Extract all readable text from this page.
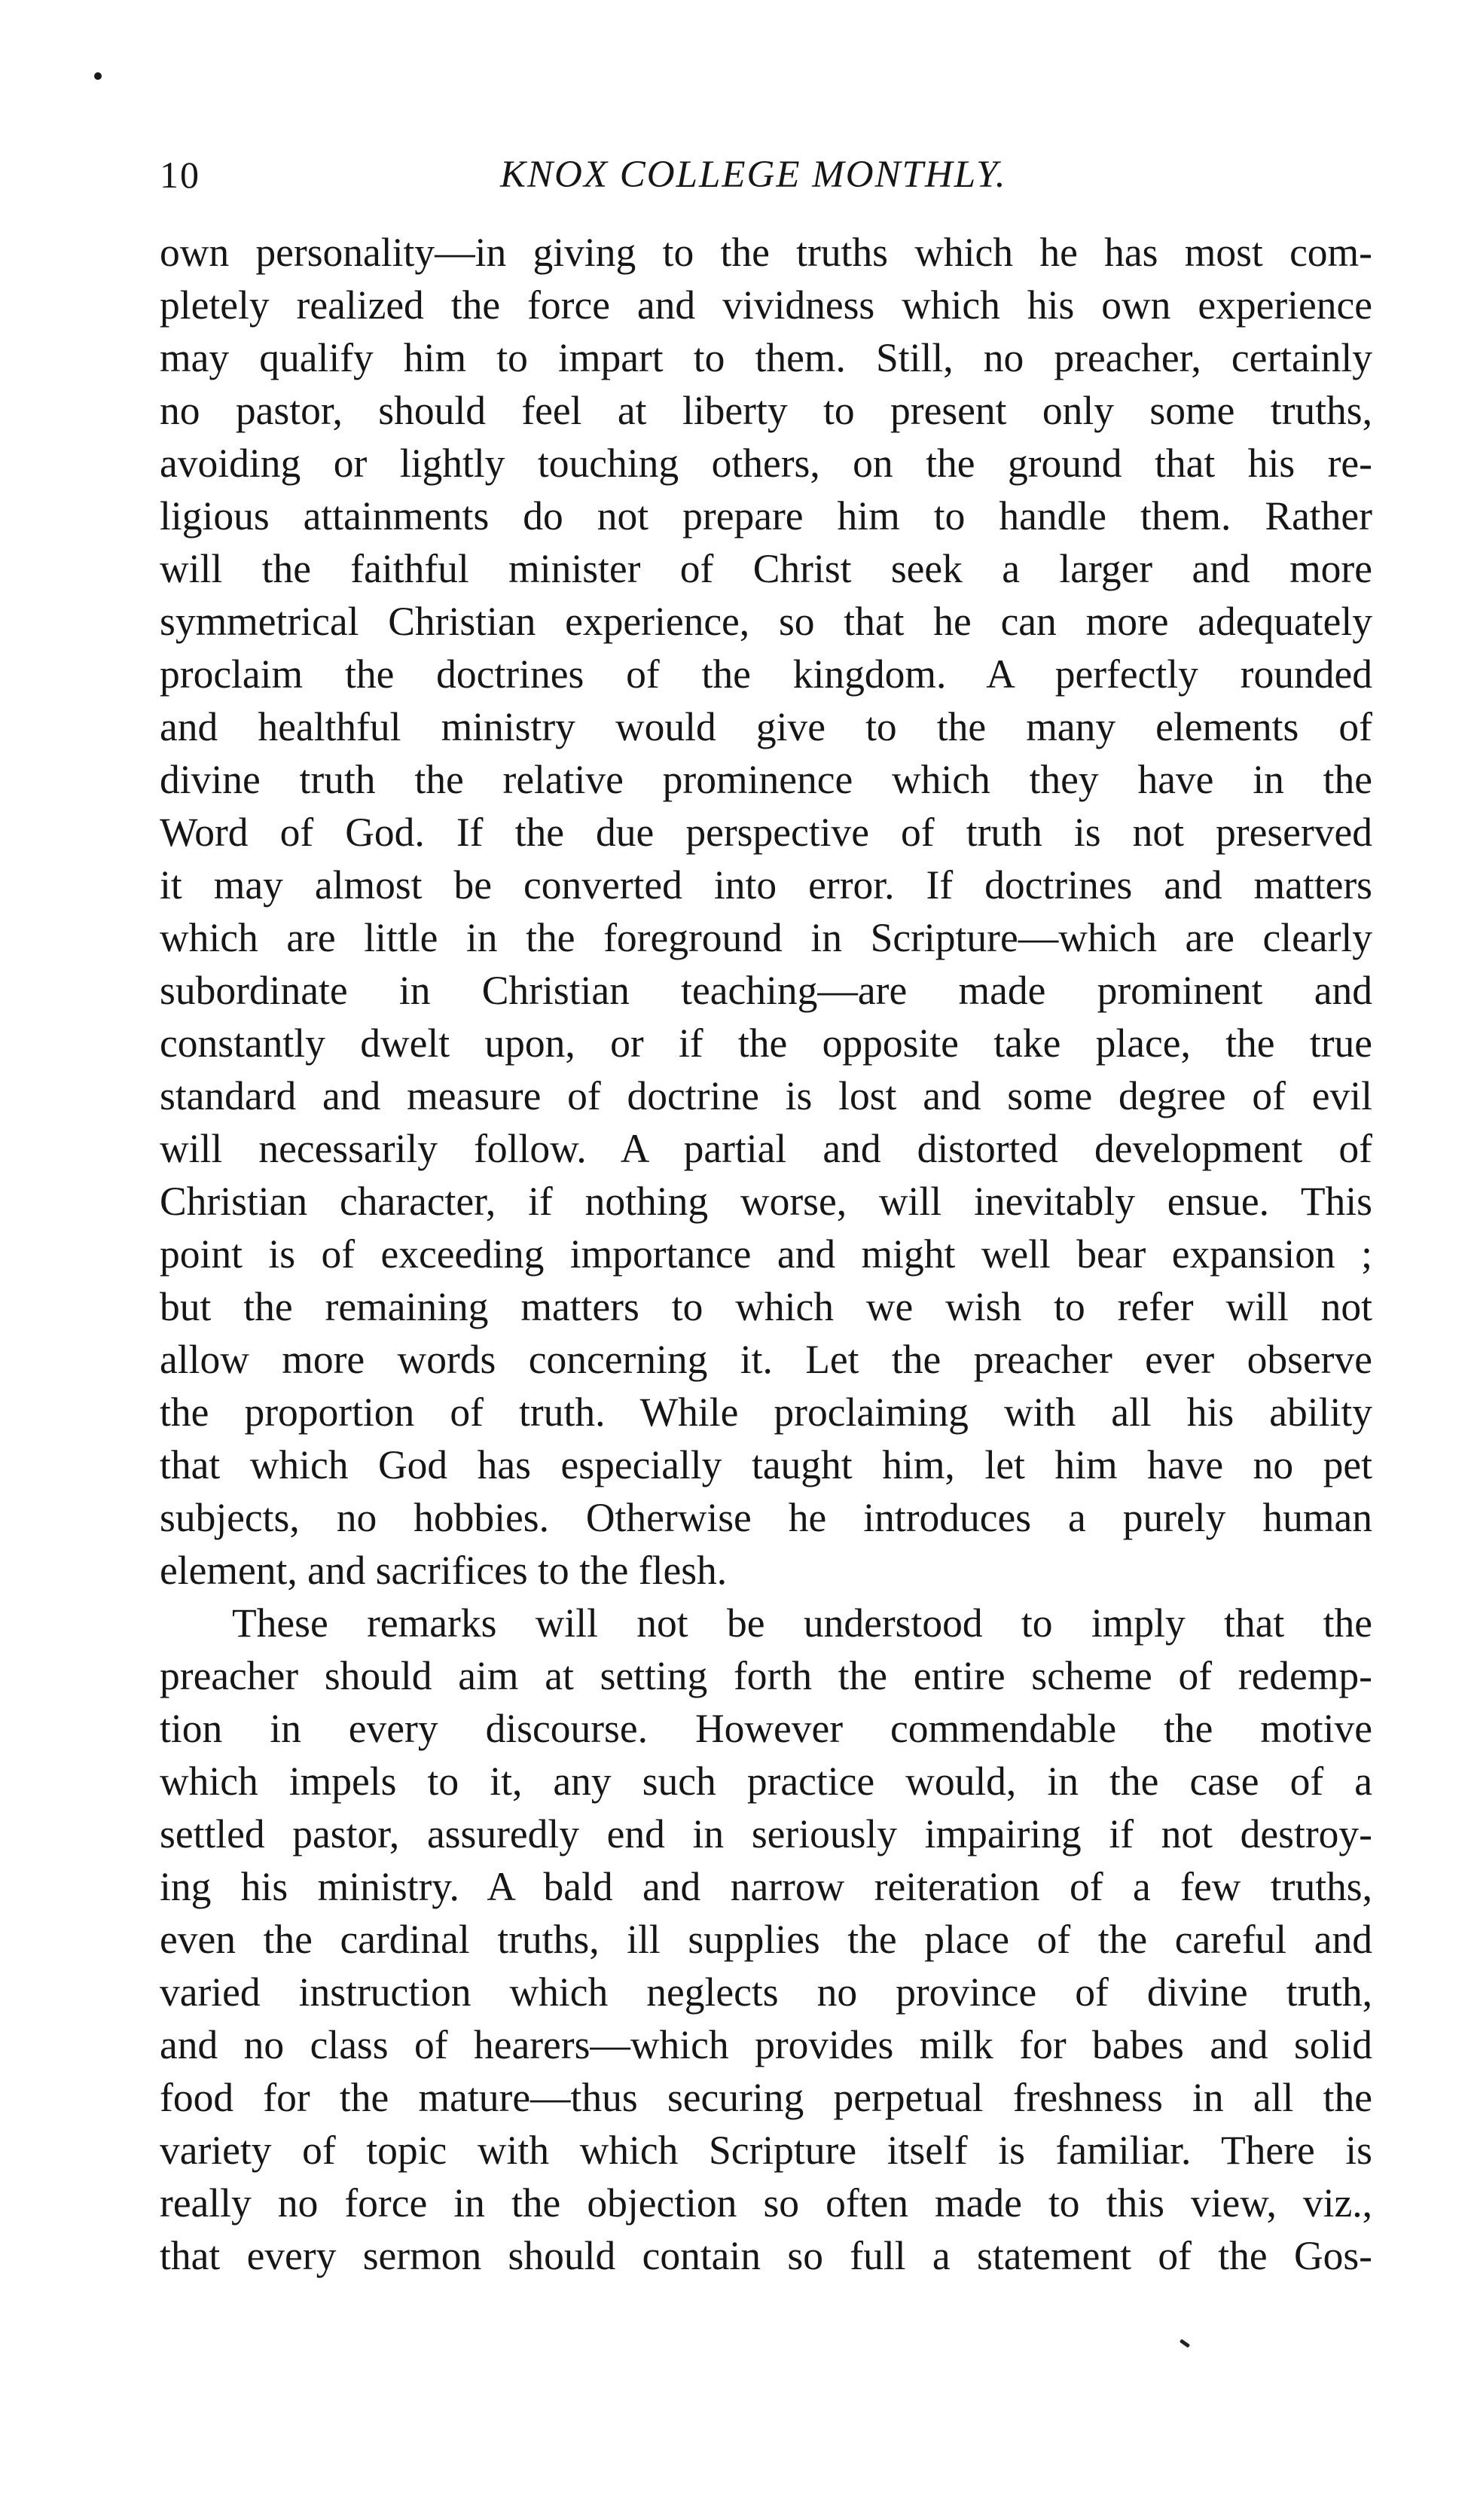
10	KNOX COLLEGE MONTHLY.
own personality—in giving to the truths which he has most com-
pletely realized the force and vividness which his own experience
may qualify him to impart to them. Still, no preacher, certainly
no pastor, should feel at liberty to present only some truths,
avoiding or lightly touching others, on the ground that his re-
ligious attainments do not prepare him to handle them. Rather
will the faithful minister of Christ seek a larger and more
symmetrical Christian experience, so that he can more adequately
proclaim the doctrines of the kingdom. A perfectly rounded
and healthful ministry would give to the many elements of
divine truth the relative prominence which they have in the
Word of God. If the due perspective of truth is not preserved
it may almost be converted into error. If doctrines and matters
which are little in the foreground in Scripture—which are clearly
subordinate in Christian teaching—are made prominent and
constantly dwelt upon, or if the opposite take place, the true
standard and measure of doctrine is lost and some degree of evil
will necessarily follow. A partial and distorted development of
Christian character, if nothing worse, will inevitably ensue. This
point is of exceeding importance and might well bear expansion ;
but the remaining matters to which we wish to refer will not
allow more words concerning it. Let the preacher ever observe
the proportion of truth. While proclaiming with all his ability
that which God has especially taught him, let him have no pet
subjects, no hobbies. Otherwise he introduces a purely human
element, and sacrifices to the flesh.
These remarks will not be understood to imply that the
preacher should aim at setting forth the entire scheme of redemp-
tion in every discourse. However commendable the motive
which impels to it, any such practice would, in the case of a
settled pastor, assuredly end in seriously impairing if not destroy-
ing his ministry. A bald and narrow reiteration of a few truths,
even the cardinal truths, ill supplies the place of the careful and
varied instruction which neglects no province of divine truth,
and no class of hearers—which provides milk for babes and solid
food for the mature—thus securing perpetual freshness in all the
variety of topic with which Scripture itself is familiar. There is
really no force in the objection so often made to this view, viz.,
that every sermon should contain so full a statement of the Gos-
